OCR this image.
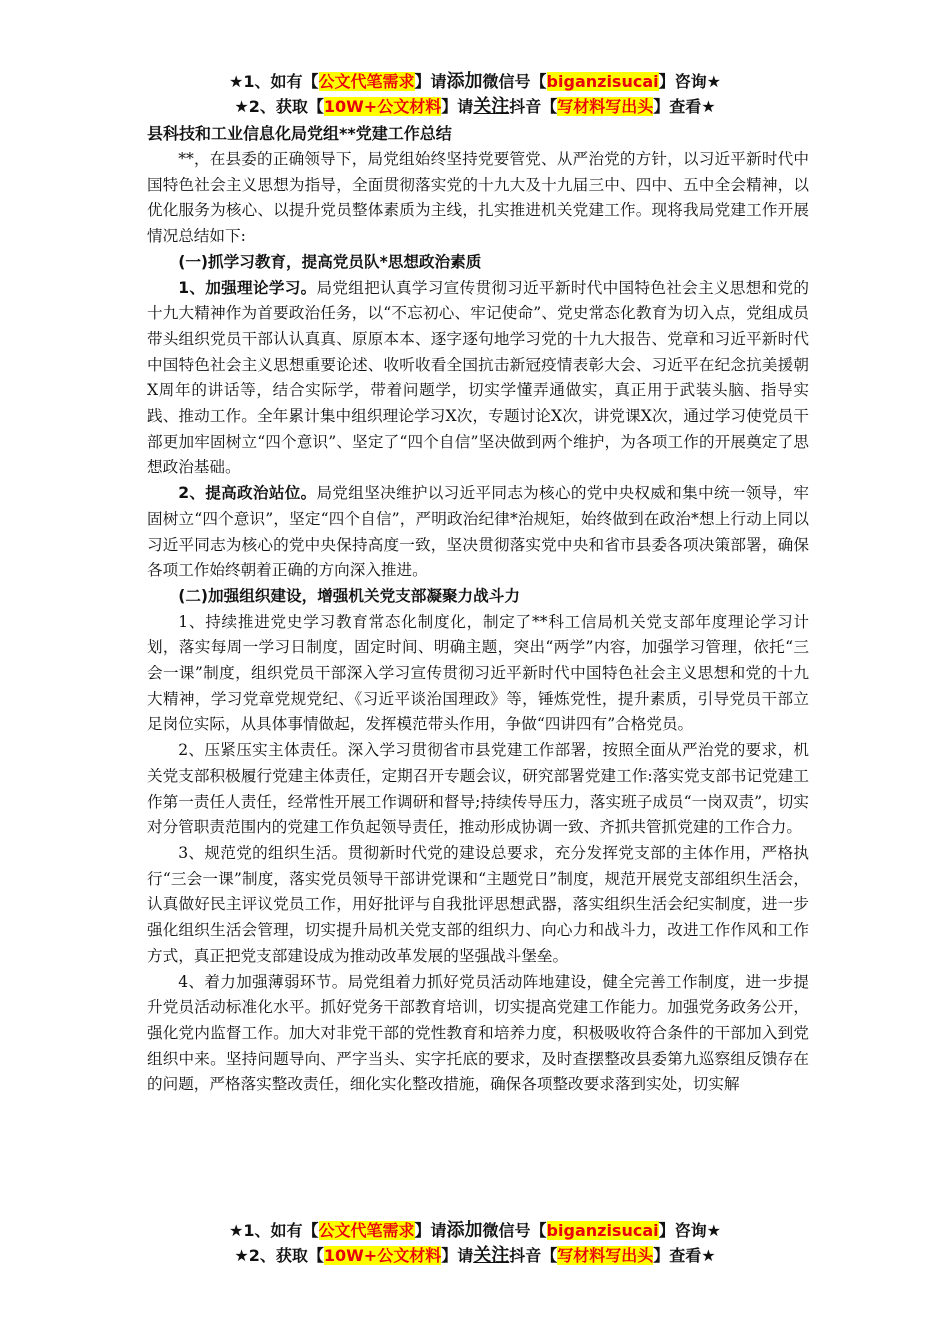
★1、如有【公文代笔需求】请添加微信号【biganzisucai】咨询★
★2、获取【10W+公文材料】请关注抖音【写材料写出头】查看★

县科技和工业信息化局党组**党建工作总结

**，在县委的正确领导下，局党组始终坚持党要管党、从严治党的方针，以习近平新时代中国特色社会主义思想为指导，全面贯彻落实党的十九大及十九届三中、四中、五中全会精神，以优化服务为核心、以提升党员整体素质为主线，扎实推进机关党建工作。现将我局党建工作开展情况总结如下:

(一)抓学习教育，提高党员队*思想政治素质

1、加强理论学习。局党组把认真学习宣传贯彻习近平新时代中国特色社会主义思想和党的十九大精神作为首要政治任务，以“不忘初心、牢记使命”、党史常态化教育为切入点，党组成员带头组织党员干部认认真真、原原本本、逐字逐句地学习党的十九大报告、党章和习近平新时代中国特色社会主义思想重要论述、收听收看全国抗击新冠疫情表彰大会、习近平在纪念抗美援朝X周年的讲话等，结合实际学，带着问题学，切实学懂弄通做实，真正用于武装头脑、指导实践、推动工作。全年累计集中组织理论学习X次，专题讨论X次，讲党课X次，通过学习使党员干部更加牢固树立“四个意识”、坚定了“四个自信”坚决做到两个维护，为各项工作的开展奠定了思想政治基础。

2、提高政治站位。局党组坚决维护以习近平同志为核心的党中央权威和集中统一领导，牢固树立“四个意识”，坚定“四个自信”，严明政治纪律*治规矩，始终做到在政治*想上行动上同以习近平同志为核心的党中央保持高度一致，坚决贯彻落实党中央和省市县委各项决策部署，确保各项工作始终朝着正确的方向深入推进。

(二)加强组织建设，增强机关党支部凝聚力战斗力

1、持续推进党史学习教育常态化制度化，制定了**科工信局机关党支部年度理论学习计划，落实每周一学习日制度，固定时间、明确主题，突出“两学”内容，加强学习管理，依托“三会一课”制度，组织党员干部深入学习宣传贯彻习近平新时代中国特色社会主义思想和党的十九大精神，学习党章党规党纪、《习近平谈治国理政》等，锤炼党性，提升素质，引导党员干部立足岗位实际，从具体事情做起，发挥模范带头作用，争做“四讲四有”合格党员。

2、压紧压实主体责任。深入学习贯彻省市县党建工作部署，按照全面从严治党的要求，机关党支部积极履行党建主体责任，定期召开专题会议，研究部署党建工作:落实党支部书记党建工作第一责任人责任，经常性开展工作调研和督导;持续传导压力，落实班子成员“一岗双责”，切实对分管职责范围内的党建工作负起领导责任，推动形成协调一致、齐抓共管抓党建的工作合力。

3、规范党的组织生活。贯彻新时代党的建设总要求，充分发挥党支部的主体作用，严格执行“三会一课”制度，落实党员领导干部讲党课和“主题党日”制度，规范开展党支部组织生活会，认真做好民主评议党员工作，用好批评与自我批评思想武器，落实组织生活会纪实制度，进一步强化组织生活会管理，切实提升局机关党支部的组织力、向心力和战斗力，改进工作作风和工作方式，真正把党支部建设成为推动改革发展的坚强战斗堡垒。

4、着力加强薄弱环节。局党组着力抓好党员活动阵地建设，健全完善工作制度，进一步提升党员活动标准化水平。抓好党务干部教育培训，切实提高党建工作能力。加强党务政务公开，强化党内监督工作。加大对非党干部的党性教育和培养力度，积极吸收符合条件的干部加入到党组织中来。坚持问题导向、严字当头、实字托底的要求，及时查摆整改县委第九巡察组反馈存在的问题，严格落实整改责任，细化实化整改措施，确保各项整改要求落到实处，切实解

★1、如有【公文代笔需求】请添加微信号【biganzisucai】咨询★
★2、获取【10W+公文材料】请关注抖音【写材料写出头】查看★
